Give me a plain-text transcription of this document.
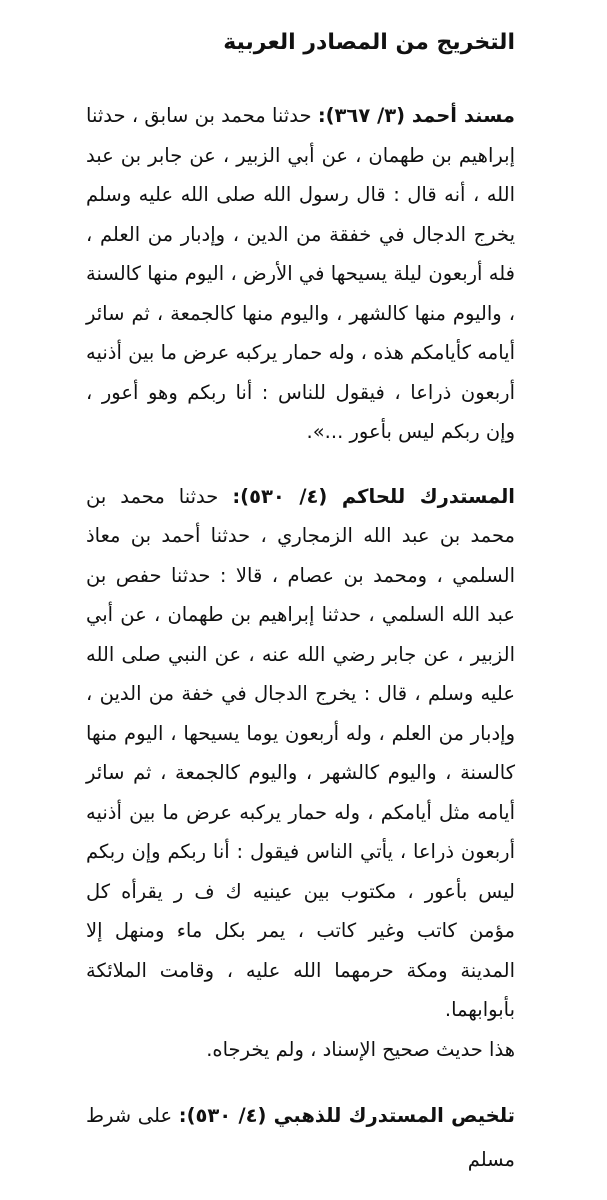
التخريج من المصادر العربية

مسند أحمد (٣/ ٣٦٧): حدثنا محمد بن سابق ، حدثنا إبراهيم بن طهمان ، عن أبي الزبير ، عن جابر بن عبد الله ، أنه قال : قال رسول الله صلى الله عليه وسلم يخرج الدجال في خفقة من الدين ، وإدبار من العلم ، فله أربعون ليلة يسيحها في الأرض ، اليوم منها كالسنة ، واليوم منها كالشهر ، واليوم منها كالجمعة ، ثم سائر أيامه كأيامكم هذه ، وله حمار يركبه عرض ما بين أذنيه أربعون ذراعا ، فيقول للناس : أنا ربكم وهو أعور ، وإن ربكم ليس بأعور ...».

المستدرك للحاكم (٤/ ٥٣٠): حدثنا محمد بن محمد بن عبد الله الزمجاري ، حدثنا أحمد بن معاذ السلمي ، ومحمد بن عصام ، قالا : حدثنا حفص بن عبد الله السلمي ، حدثنا إبراهيم بن طهمان ، عن أبي الزبير ، عن جابر رضي الله عنه ، عن النبي صلى الله عليه وسلم ، قال : يخرج الدجال في خفة من الدين ، وإدبار من العلم ، وله أربعون يوما يسيحها ، اليوم منها كالسنة ، واليوم كالشهر ، واليوم كالجمعة ، ثم سائر أيامه مثل أيامكم ، وله حمار يركبه عرض ما بين أذنيه أربعون ذراعا ، يأتي الناس فيقول : أنا ربكم وإن ربكم ليس بأعور ، مكتوب بين عينيه ك ف ر يقرأه كل مؤمن كاتب وغير كاتب ، يمر بكل ماء ومنهل إلا المدينة ومكة حرمهما الله عليه ، وقامت الملائكة بأبوابهما.

هذا حديث صحيح الإسناد ، ولم يخرجاه.

تلخيص المستدرك للذهبي (٤/ ٥٣٠): على شرط مسلم
